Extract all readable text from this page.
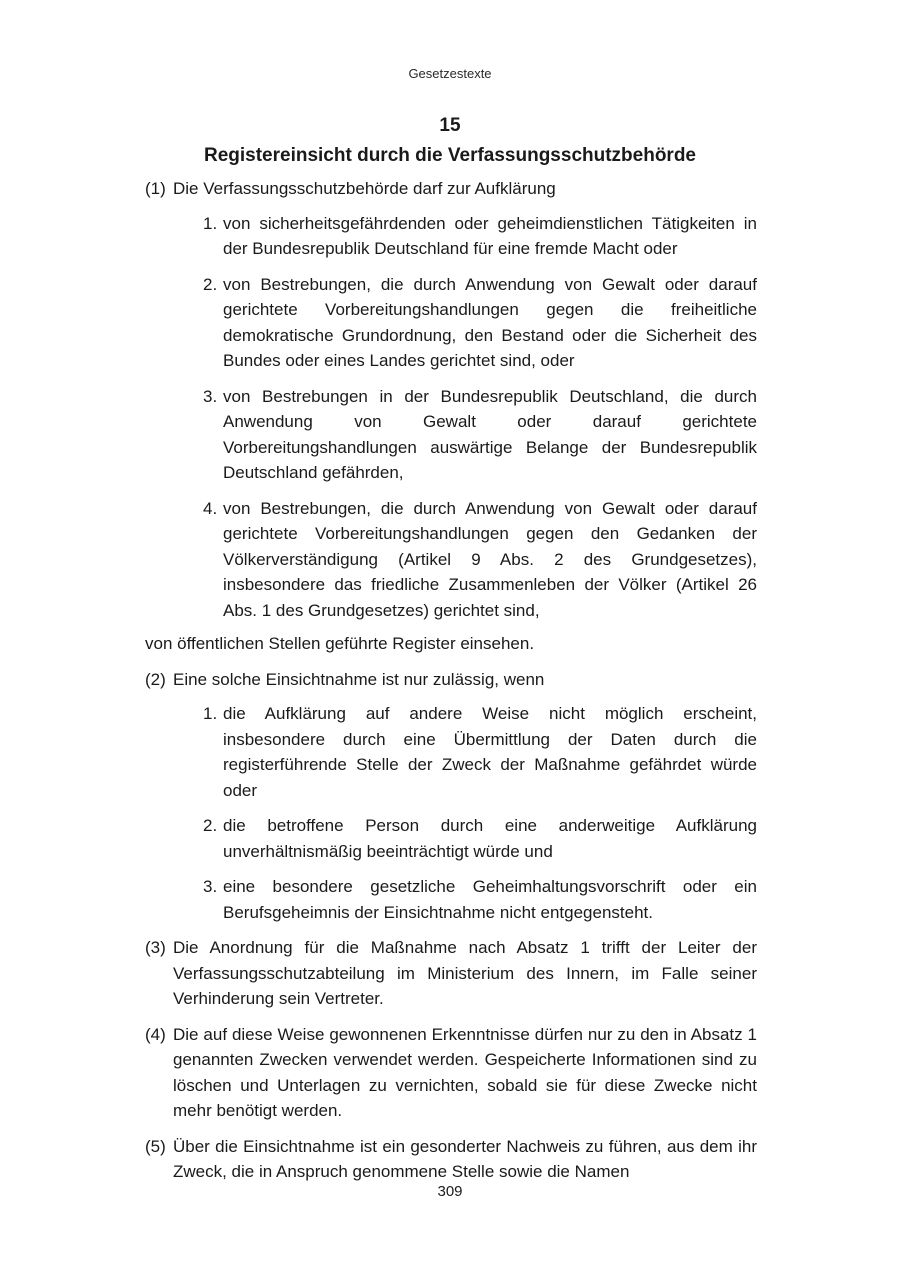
Gesetzestexte
15
Registereinsicht durch die Verfassungsschutzbehörde
(1) Die Verfassungsschutzbehörde darf zur Aufklärung
1. von sicherheitsgefährdenden oder geheimdienstlichen Tätigkeiten in der Bundesrepublik Deutschland für eine fremde Macht oder
2. von Bestrebungen, die durch Anwendung von Gewalt oder darauf gerichtete Vorbereitungshandlungen gegen die freiheitliche demokratische Grundordnung, den Bestand oder die Sicherheit des Bundes oder eines Landes gerichtet sind, oder
3. von Bestrebungen in der Bundesrepublik Deutschland, die durch Anwendung von Gewalt oder darauf gerichtete Vorbereitungshandlungen auswärtige Belange der Bundesrepublik Deutschland gefährden,
4. von Bestrebungen, die durch Anwendung von Gewalt oder darauf gerichtete Vorbereitungshandlungen gegen den Gedanken der Völkerverständigung (Artikel 9 Abs. 2 des Grundgesetzes), insbesondere das friedliche Zusammenleben der Völker (Artikel 26 Abs. 1 des Grundgesetzes) gerichtet sind,
von öffentlichen Stellen geführte Register einsehen.
(2) Eine solche Einsichtnahme ist nur zulässig, wenn
1. die Aufklärung auf andere Weise nicht möglich erscheint, insbesondere durch eine Übermittlung der Daten durch die registerführende Stelle der Zweck der Maßnahme gefährdet würde oder
2. die betroffene Person durch eine anderweitige Aufklärung unverhältnismäßig beeinträchtigt würde und
3. eine besondere gesetzliche Geheimhaltungsvorschrift oder ein Berufsgeheimnis der Einsichtnahme nicht entgegensteht.
(3) Die Anordnung für die Maßnahme nach Absatz 1 trifft der Leiter der Verfassungsschutzabteilung im Ministerium des Innern, im Falle seiner Verhinderung sein Vertreter.
(4) Die auf diese Weise gewonnenen Erkenntnisse dürfen nur zu den in Absatz 1 genannten Zwecken verwendet werden. Gespeicherte Informationen sind zu löschen und Unterlagen zu vernichten, sobald sie für diese Zwecke nicht mehr benötigt werden.
(5) Über die Einsichtnahme ist ein gesonderter Nachweis zu führen, aus dem ihr Zweck, die in Anspruch genommene Stelle sowie die Namen
309
